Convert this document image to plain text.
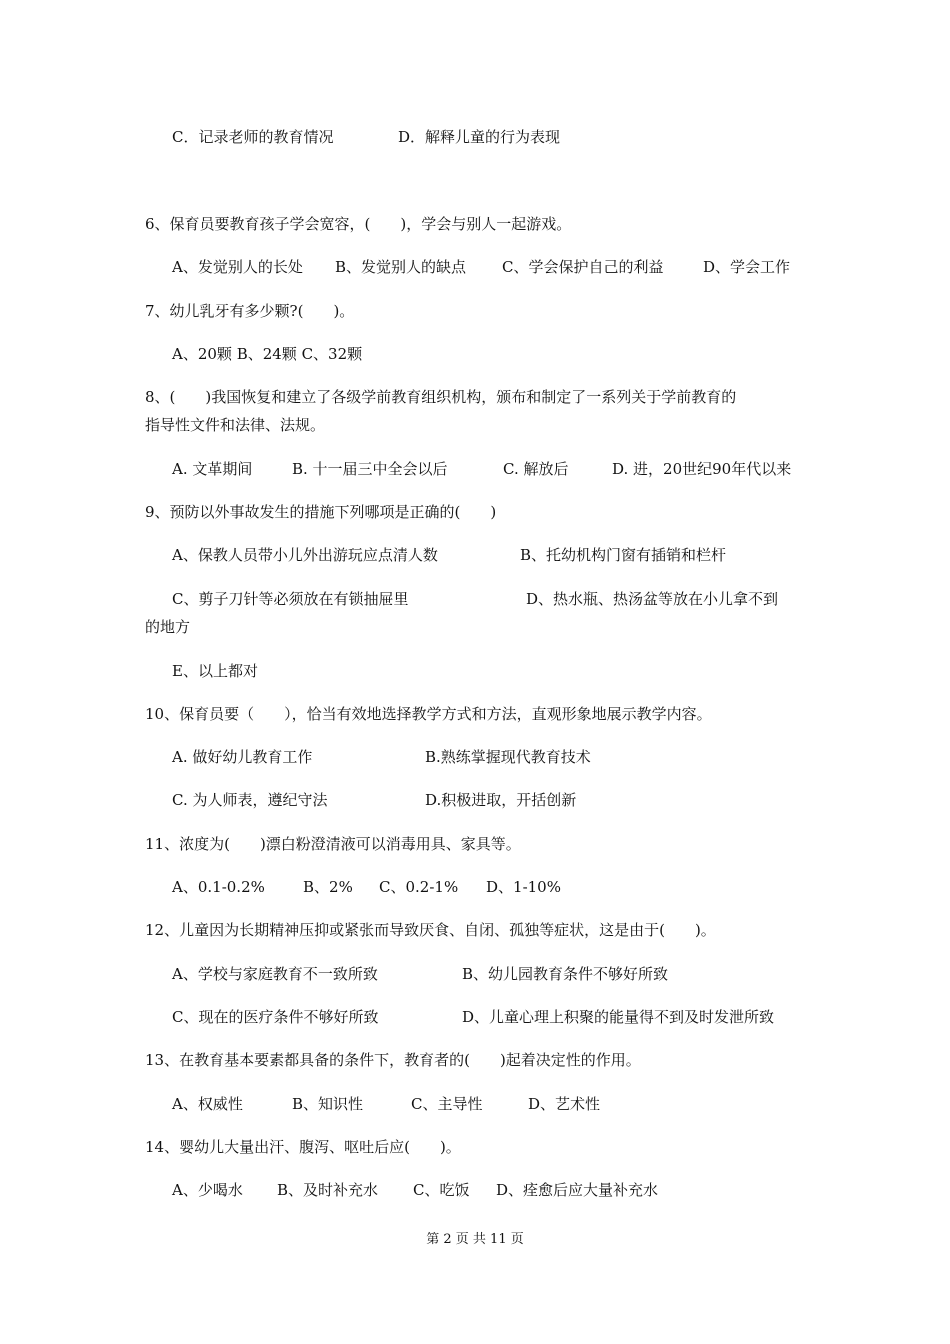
C．记录老师的教育情况	D．解释儿童的行为表现
6、保育员要教育孩子学会宽容，(　　)，学会与别人一起游戏。
A、发觉别人的长处 B、发觉别人的缺点 C、学会保护自己的利益	D、学会工作
7、幼儿乳牙有多少颗?(　　)。
A、20颗 B、24颗 C、32颗
8、(　　)我国恢复和建立了各级学前教育组织机构，颁布和制定了一系列关于学前教育的
指导性文件和法律、法规。
A. 文革期间	B. 十一届三中全会以后	C. 解放后	D. 进，20世纪90年代以来
9、预防以外事故发生的措施下列哪项是正确的(　　)
A、保教人员带小儿外出游玩应点清人数	B、托幼机构门窗有插销和栏杆
C、剪子刀针等必须放在有锁抽屉里	D、热水瓶、热汤盆等放在小儿拿不到
的地方
E、以上都对
10、保育员要（　　），恰当有效地选择教学方式和方法，直观形象地展示教学内容。
A. 做好幼儿教育工作	B.熟练掌握现代教育技术
C. 为人师表，遵纪守法	D.积极进取，开括创新
11、浓度为(　　)漂白粉澄清液可以消毒用具、家具等。
A、0.1-0.2%	B、2% C、0.2-1% D、1-10%
12、儿童因为长期精神压抑或紧张而导致厌食、自闭、孤独等症状，这是由于(　　)。
A、学校与家庭教育不一致所致	B、幼儿园教育条件不够好所致
C、现在的医疗条件不够好所致	D、儿童心理上积聚的能量得不到及时发泄所致
13、在教育基本要素都具备的条件下，教育者的(　　)起着决定性的作用。
A、权威性	B、知识性	C、主导性	D、艺术性
14、婴幼儿大量出汗、腹泻、呕吐后应(　　)。
A、少喝水 B、及时补充水 C、吃饭 D、痊愈后应大量补充水
第 2 页 共 11 页
